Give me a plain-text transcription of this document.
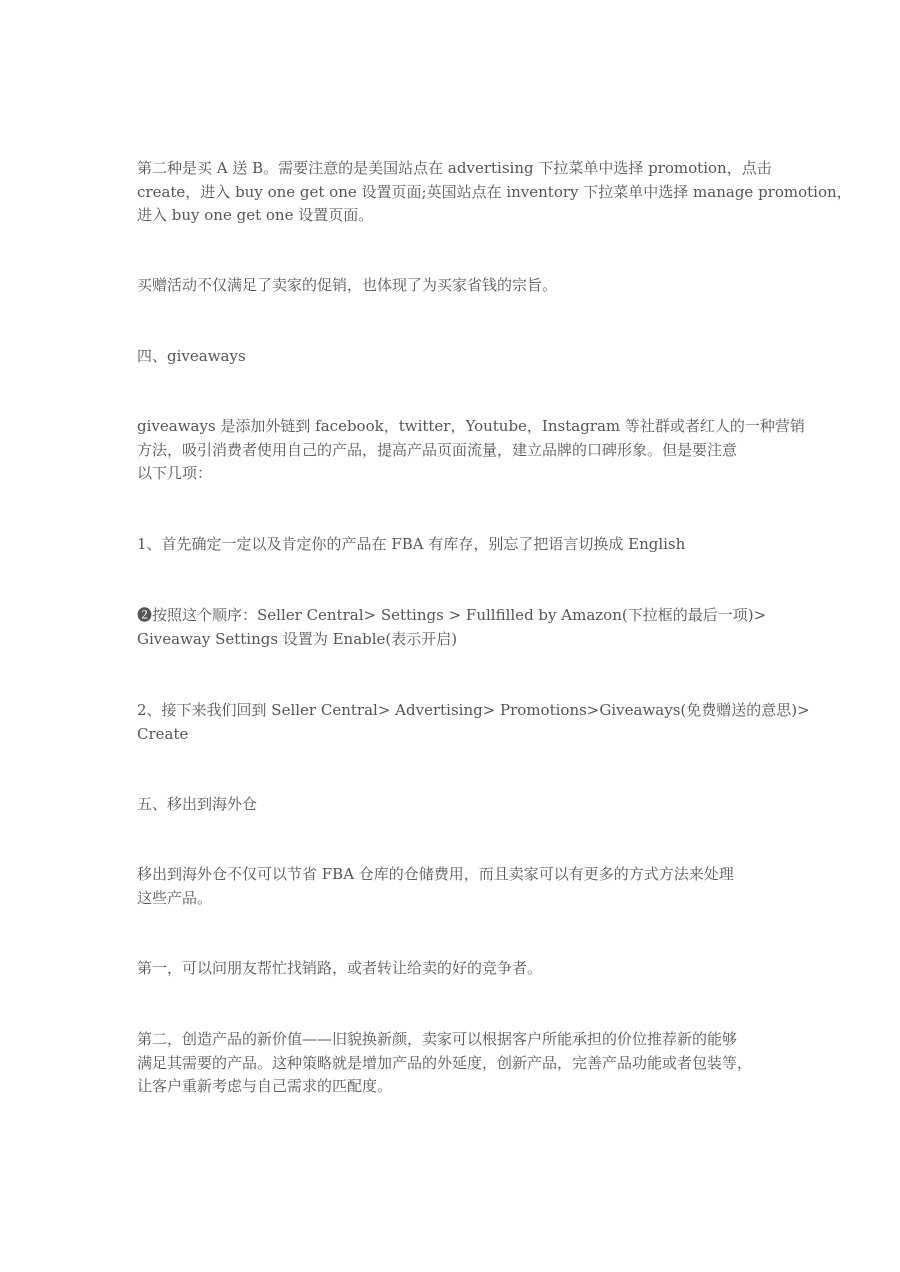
第二种是买 A 送 B。需要注意的是美国站点在 advertising 下拉菜单中选择 promotion，点击
create，进入 buy one get one 设置页面;英国站点在 inventory 下拉菜单中选择 manage promotion，
进入 buy one get one 设置页面。

买赠活动不仅满足了卖家的促销，也体现了为买家省钱的宗旨。

四、giveaways

giveaways 是添加外链到 facebook，twitter，Youtube，Instagram 等社群或者红人的一种营销
方法，吸引消费者使用自己的产品，提高产品页面流量，建立品牌的口碑形象。但是要注意
以下几项：

1、首先确定一定以及肯定你的产品在 FBA 有库存，别忘了把语言切换成 English

❷按照这个顺序：Seller Central> Settings > Fullfilled by Amazon(下拉框的最后一项)>
Giveaway Settings 设置为 Enable(表示开启)

2、接下来我们回到 Seller Central> Advertising> Promotions>Giveaways(免费赠送的意思)>
Create

五、移出到海外仓

移出到海外仓不仅可以节省 FBA 仓库的仓储费用，而且卖家可以有更多的方式方法来处理
这些产品。

第一，可以问朋友帮忙找销路，或者转让给卖的好的竞争者。

第二，创造产品的新价值——旧貌换新颜，卖家可以根据客户所能承担的价位推荐新的能够
满足其需要的产品。这种策略就是增加产品的外延度，创新产品，完善产品功能或者包装等，
让客户重新考虑与自己需求的匹配度。
